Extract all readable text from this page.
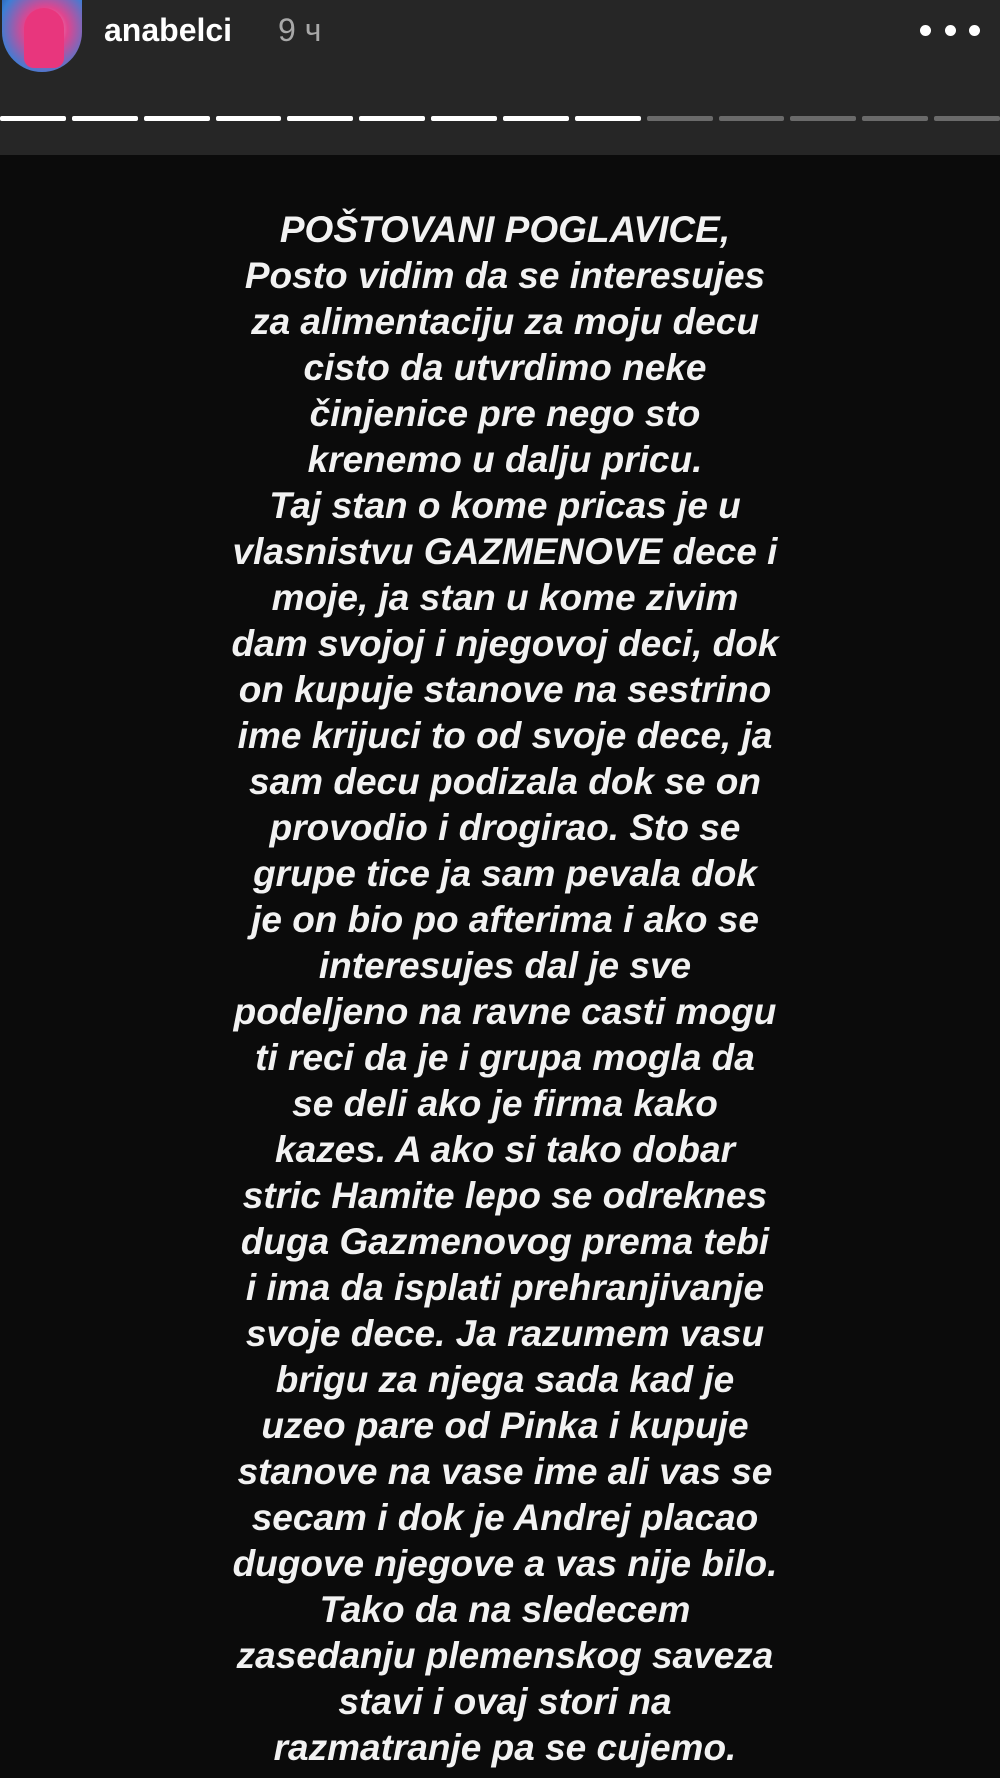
anabelci 9 ч
POŠTOVANI POGLAVICE,
Posto vidim da se interesujes
za alimentaciju za moju decu
cisto da utvrdimo neke
činjenice pre nego sto
krenemo u dalju pricu.
Taj stan o kome pricas je u
vlasnistvu GAZMENOVE dece i
moje, ja stan u kome zivim
dam svojoj i njegovoj deci, dok
on kupuje stanove na sestrino
ime krijuci to od svoje dece, ja
sam decu podizala dok se on
provodio i drogirao. Sto se
grupe tice ja sam pevala dok
je on bio po afterima i ako se
interesujes dal je sve
podeljeno na ravne casti mogu
ti reci da je i grupa mogla da
se deli ako je firma kako
kazes. A ako si tako dobar
stric Hamite lepo se odreknes
duga Gazmenovog prema tebi
i ima da isplati prehranjivanje
svoje dece. Ja razumem vasu
brigu za njega sada kad je
uzeo pare od Pinka i kupuje
stanove na vase ime ali vas se
secam i dok je Andrej placao
dugove njegove a vas nije bilo.
Tako da na sledecem
zasedanju plemenskog saveza
stavi i ovaj stori na
razmatranje pa se cujemo.
